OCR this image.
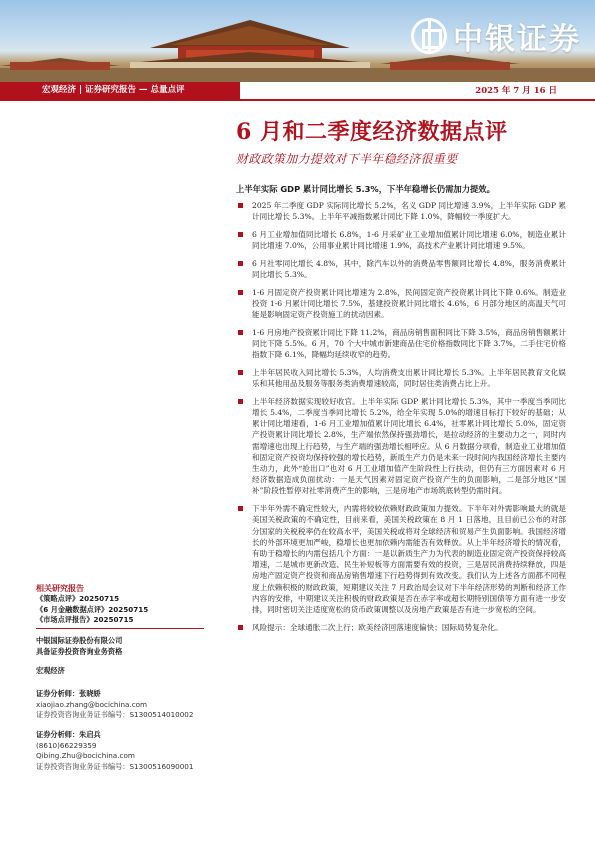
中银证券
宏观经济 | 证券研究报告 — 总量点评	2025 年 7 月 16 日
6 月和二季度经济数据点评
财政政策加力提效对下半年稳经济很重要
上半年实际 GDP 累计同比增长 5.3%，下半年稳增长仍需加力提效。
2025 年二季度 GDP 实际同比增长 5.2%，名义 GDP 同比增速 3.9%，上半年实际 GDP 累计同比增长 5.3%。上半年平减指数累计同比下降 1.0%，降幅较一季度扩大。
6 月工业增加值同比增长 6.8%，1-6 月采矿业工业增加值累计同比增速 6.0%，制造业累计同比增速 7.0%，公用事业累计同比增速 1.9%，高技术产业累计同比增速 9.5%。
6 月社零同比增长 4.8%，其中，除汽车以外的消费品零售额同比增长 4.8%，服务消费累计同比增长 5.3%。
1-6 月固定资产投资累计同比增速为 2.8%，民间固定资产投资累计同比下降 0.6%。制造业投资 1-6 月累计同比增长 7.5%，基建投资累计同比增长 4.6%，6 月部分地区的高温天气可能是影响固定资产投资施工的扰动因素。
1-6 月房地产投资累计同比下降 11.2%，商品房销售面积同比下降 3.5%，商品房销售额累计同比下降 5.5%。6 月，70 个大中城市新建商品住宅价格指数同比下降 3.7%，二手住宅价格指数下降 6.1%，降幅均延续收窄的趋势。
上半年居民收入同比增长 5.3%，人均消费支出累计同比增长 5.3%。上半年居民教育文化娱乐和其他用品及服务等服务类消费增速较高，同时居住类消费占比上升。
上半年经济数据实现较好收官。上半年实际 GDP 累计同比增长 5.3%，其中一季度当季同比增长 5.4%，二季度当季同比增长 5.2%，给全年实现 5.0%的增速目标打下较好的基础；从累计同比增速看，1-6 月工业增加值累计同比增长 6.4%，社零累计同比增长 5.0%，固定资产投资累计同比增长 2.8%，生产端依然保持强劲增长，是拉动经济的主要动力之一，同时内需增速也出现上行趋势，与生产端的强劲增长相呼应。从 6 月数据分项看，制造业工业增加值和固定资产投资均保持较强的增长趋势，新质生产力仍是未来一段时间内我国经济增长主要内生动力，此外“抢出口”也对 6 月工业增加值产生阶段性上行扶动，但仍有三方面因素对 6 月经济数据造成负面扰动：一是天气因素对固定资产投资产生的负面影响，二是部分地区“国补”阶段性暂停对社零消费产生的影响，三是房地产市场筑底转型仍需时间。
下半年外需不确定性较大，内需将较较依赖财政政策加力提效。下半年对外需影响最大的就是美国关税政策的不确定性，目前来看，美国关税政策在 8 月 1 日落地，且目前已公布的对部分国家的关税税率仍在较高水平，美国关税或将对全球经济和贸易产生负面影响。我国经济增长的外部环境更加严峻，稳增长也更加依赖内需能否有效释放。从上半年经济增长的情况看，有助于稳增长的内需包括几个方面：一是以新质生产力为代表的制造业固定资产投资保持较高增速，二是城市更新改造、民生补短板等方面需要有效的投资，三是居民消费持续释放，四是房地产固定资产投资和商品房销售增速下行趋势得到有效改变。我们认为上述各方面都不同程度上依赖积极的财政政策，短期建议关注 7 月政治局会议对下半年经济形势的判断和经济工作内容的安排，中期建议关注积极的财政政策是否在赤字率或超长期特别国债等方面有进一步安排，同时密切关注适度宽松的货币政策调整以及房地产政策是否有进一步宽松的空间。
风险提示：全球通胀二次上行；欧美经济回落速度偏快；国际局势复杂化。
相关研究报告
《策略点评》20250715
《6 月金融数据点评》20250715
《市场点评报告》20250715
中银国际证券股份有限公司
具备证券投资咨询业务资格
宏观经济
证券分析师：张晓娇
xiaojiao.zhang@bocichina.com
证券投资咨询业务证书编号：S1300514010002
证券分析师：朱启兵
(8610)66229359
Qibing.Zhu@bocichina.com
证券投资咨询业务证书编号：S1300516090001
